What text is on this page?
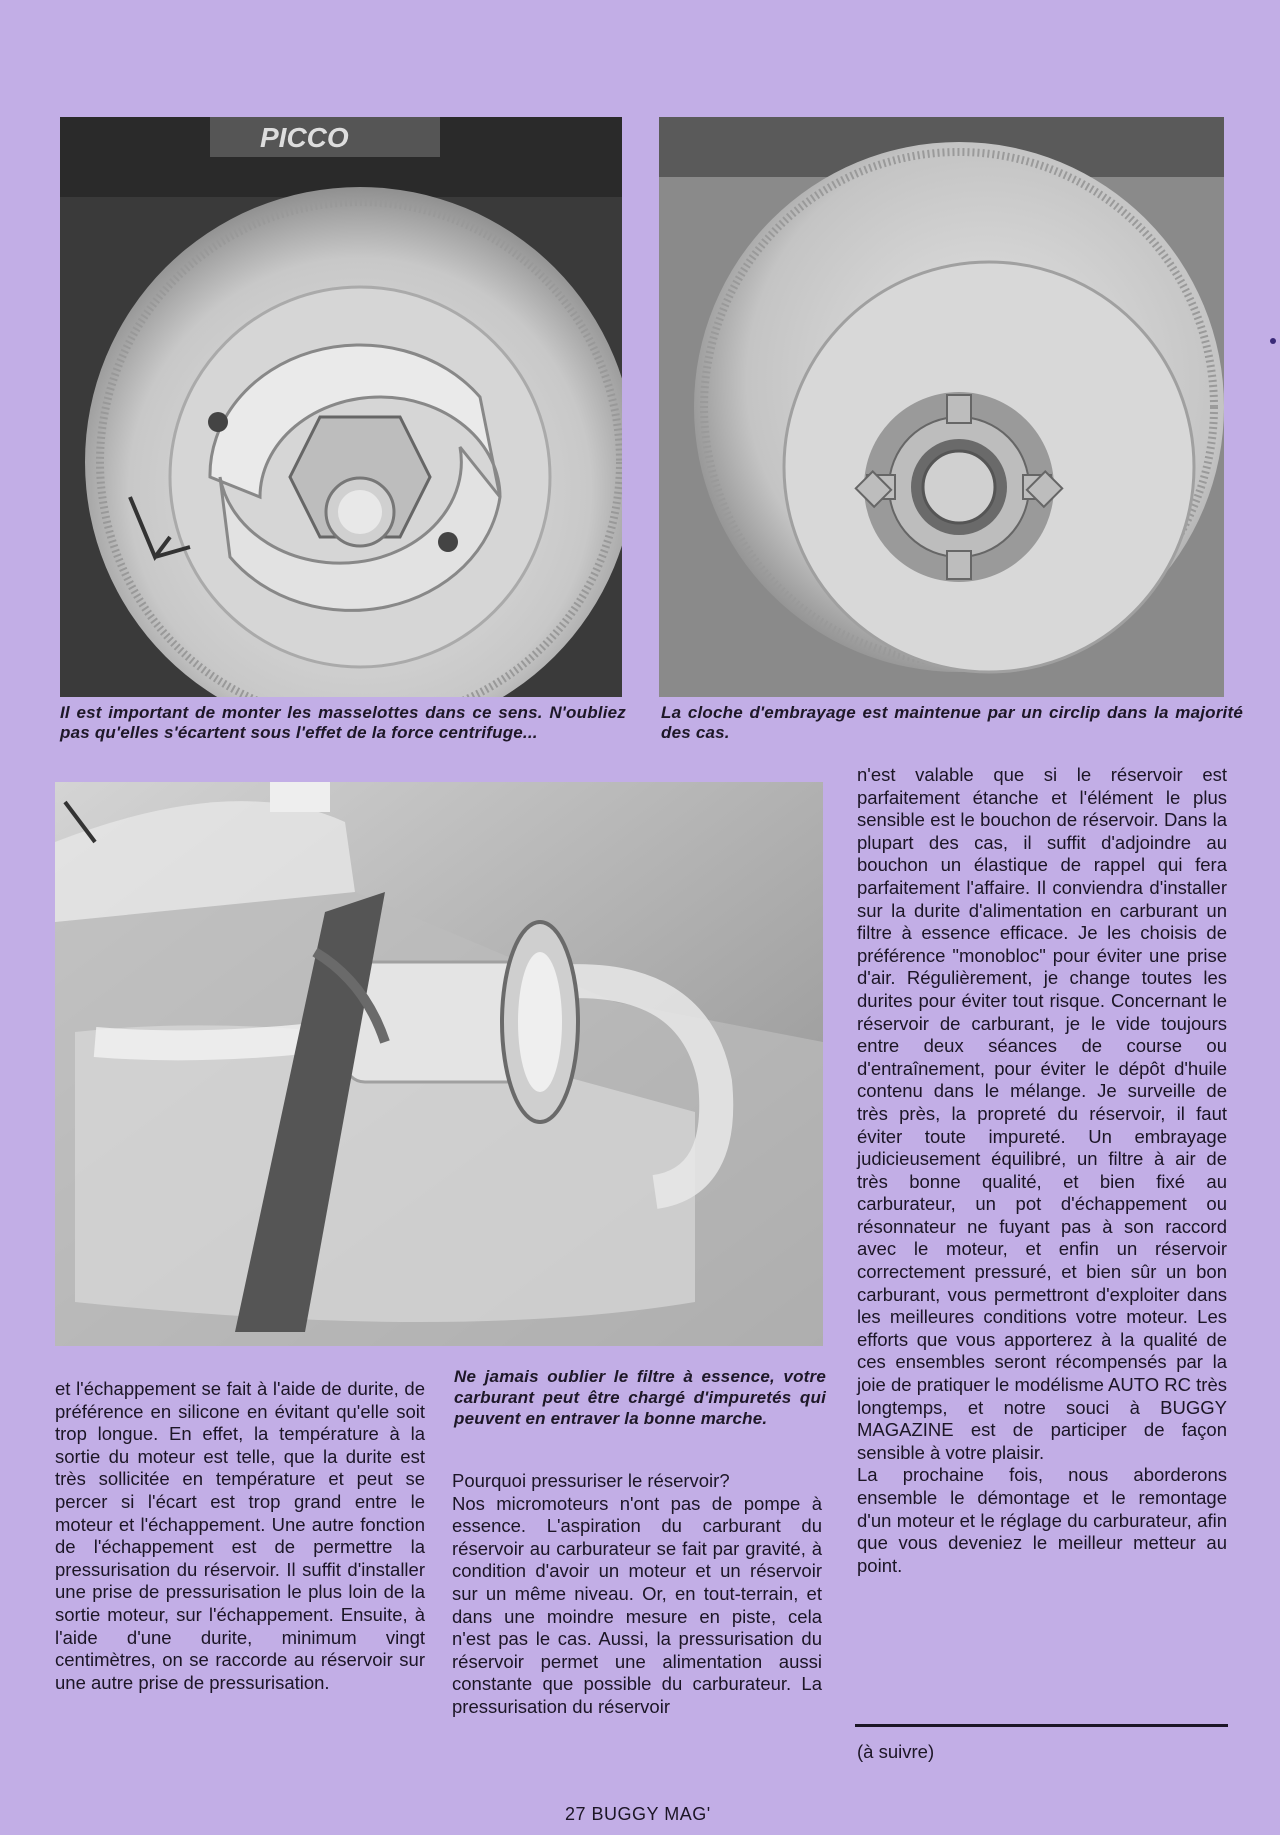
PICCO
Il est important de monter les masselottes dans ce sens. N'oubliez pas qu'elles s'écartent sous l'effet de la force centrifuge...
La cloche d'embrayage est maintenue par un circlip dans la majorité des cas.
Ne jamais oublier le filtre à essence, votre carburant peut être chargé d'impuretés qui peuvent en entraver la bonne marche.

et l'échappement se fait à l'aide de durite, de préférence en silicone en évitant qu'elle soit trop longue. En effet, la température à la sortie du moteur est telle, que la durite est très sollicitée en température et peut se percer si l'écart est trop grand entre le moteur et l'échappement. Une autre fonction de l'échappement est de permettre la pressurisation du réservoir. Il suffit d'installer une prise de pressurisation le plus loin de la sortie moteur, sur l'échappement. Ensuite, à l'aide d'une durite, minimum vingt centimètres, on se raccorde au réservoir sur une autre prise de pressurisation.

Pourquoi pressuriser le réservoir?

Nos micromoteurs n'ont pas de pompe à essence. L'aspiration du carburant du réservoir au carburateur se fait par gravité, à condition d'avoir un moteur et un réservoir sur un même niveau. Or, en tout-terrain, et dans une moindre mesure en piste, cela n'est pas le cas. Aussi, la pressurisation du réservoir permet une alimentation aussi constante que possible du carburateur. La pressurisation du réservoir

n'est valable que si le réservoir est parfaitement étanche et l'élément le plus sensible est le bouchon de réservoir. Dans la plupart des cas, il suffit d'adjoindre au bouchon un élastique de rappel qui fera parfaitement l'affaire. Il conviendra d'installer sur la durite d'alimentation en carburant un filtre à essence efficace. Je les choisis de préférence "monobloc" pour éviter une prise d'air. Régulièrement, je change toutes les durites pour éviter tout risque. Concernant le réservoir de carburant, je le vide toujours entre deux séances de course ou d'entraînement, pour éviter le dépôt d'huile contenu dans le mélange. Je surveille de très près, la propreté du réservoir, il faut éviter toute impureté. Un embrayage judicieusement équilibré, un filtre à air de très bonne qualité, et bien fixé au carburateur, un pot d'échappement ou résonnateur ne fuyant pas à son raccord avec le moteur, et enfin un réservoir correctement pressuré, et bien sûr un bon carburant, vous permettront d'exploiter dans les meilleures conditions votre moteur. Les efforts que vous apporterez à la qualité de ces ensembles seront récompensés par la joie de pratiquer le modélisme AUTO RC très longtemps, et notre souci à BUGGY MAGAZINE est de participer de façon sensible à votre plaisir.

La prochaine fois, nous aborderons ensemble le démontage et le remontage d'un moteur et le réglage du carburateur, afin que vous deveniez le meilleur metteur au point.

(à suivre)
27 BUGGY MAG'
